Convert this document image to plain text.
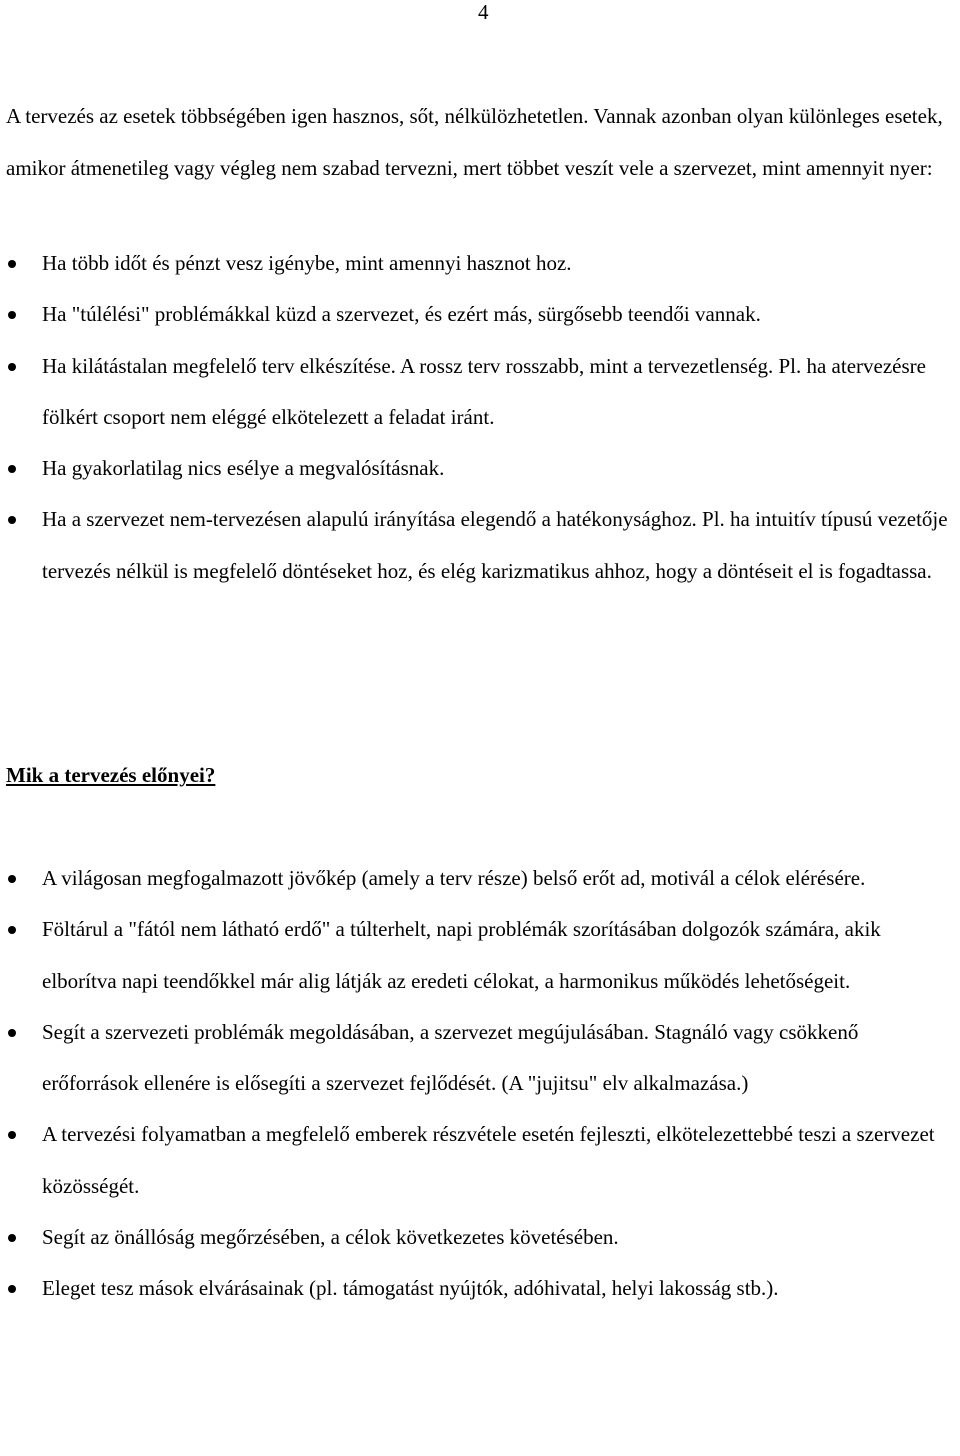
4

A tervezés az esetek többségében igen hasznos, sőt, nélkülözhetetlen. Vannak azonban olyan különleges esetek, amikor átmenetileg vagy végleg nem szabad tervezni, mert többet veszít vele a szervezet, mint amennyit nyer:

Ha több időt és pénzt vesz igénybe, mint amennyi hasznot hoz.
Ha "túlélési" problémákkal küzd a szervezet, és ezért más, sürgősebb teendői vannak.
Ha kilátástalan megfelelő terv elkészítése. A rossz terv rosszabb, mint a tervezetlenség. Pl. ha atervezésre fölkért csoport nem eléggé elkötelezett a feladat iránt.
Ha gyakorlatilag nics esélye a megvalósításnak.
Ha a szervezet nem-tervezésen alapulú irányítása elegendő a hatékonysághoz. Pl. ha intuitív típusú vezetője tervezés nélkül is megfelelő döntéseket hoz, és elég karizmatikus ahhoz, hogy a döntéseit el is fogadtassa.
Mik a tervezés előnyei?
A világosan megfogalmazott jövőkép (amely a terv része) belső erőt ad, motivál a célok elérésére.
Föltárul a "fától nem látható erdő" a túlterhelt, napi problémák szorításában dolgozók számára, akik elborítva napi teendőkkel már alig látják az eredeti célokat, a harmonikus működés lehetőségeit.
Segít a szervezeti problémák megoldásában, a szervezet megújulásában. Stagnáló vagy csökkenő erőforrások ellenére is elősegíti a szervezet fejlődését. (A "jujitsu" elv alkalmazása.)
A tervezési folyamatban a megfelelő emberek részvétele esetén fejleszti, elkötelezettebbé teszi a szervezet közösségét.
Segít az önállóság megőrzésében, a célok következetes követésében.
Eleget tesz mások elvárásainak (pl. támogatást nyújtók, adóhivatal, helyi lakosság stb.).
